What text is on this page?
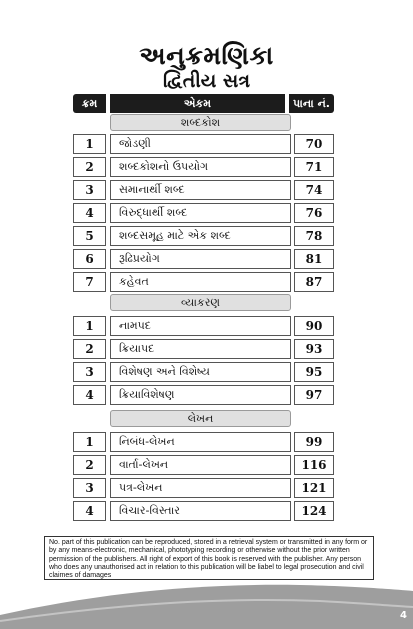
અનુક્રમણિકા
દ્વિતીય સત્ર
ક્રમ	એકમ	પાના નં.
શબ્દકોશ
1	જોડણી	70
2	શબ્દકોશનો ઉપયોગ	71
3	સમાનાર્થી શબ્દ	74
4	વિરુદ્ધાર્થી શબ્દ	76
5	શબ્દસમૂહ માટે એક શબ્દ	78
6	રૂઢિપ્રયોગ	81
7	કહેવત	87
વ્યાકરણ
1	નામપદ	90
2	ક્રિયાપદ	93
3	વિશેષણ અને વિશેષ્ય	95
4	ક્રિયાવિશેષણ	97
લેખન
1	નિબંધ-લેખન	99
2	વાર્તા-લેખન	116
3	પત્ર-લેખન	121
4	વિચાર-વિસ્તાર	124
No. part of this publication can be reproduced, stored in a retrieval system or transmitted in any form or by any means-electronic, mechanical, phototyping recording or otherwise without the prior written permission of the publishers. All right of export of this book is reserved with the publisher. Any person who does any unauthorised act in relation to this publication will be liabel to legal prosecution and civil claimes of damages
4
